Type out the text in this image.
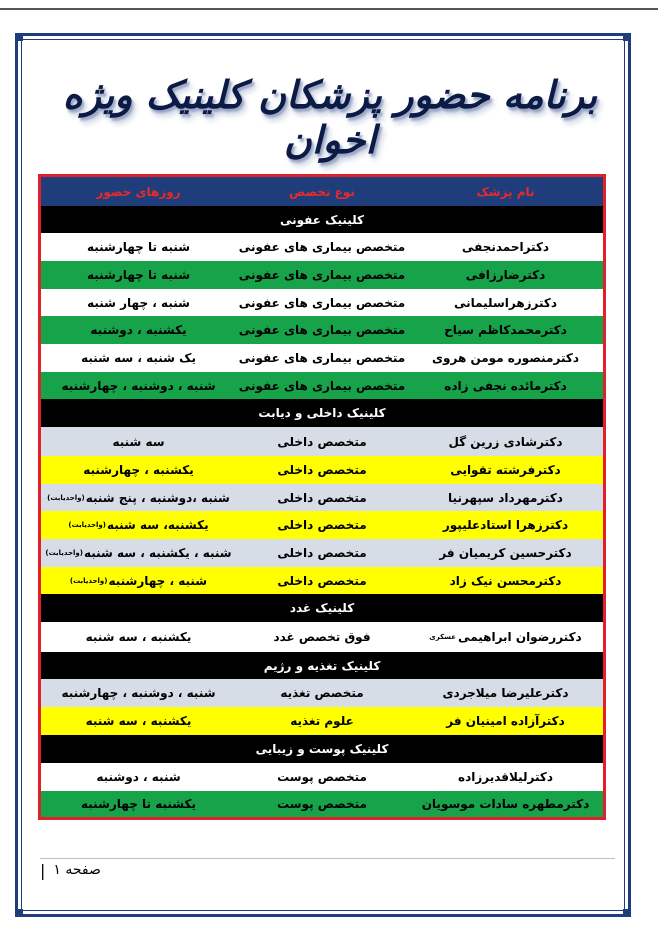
برنامه حضور پزشکان کلینیک ویژه اخوان
نام پزشک
نوع تخصص
روزهای حضور
کلینیک عفونی
دکتراحمدنجفی
متخصص بیماری های عفونی
شنبه تا چهارشنبه
دکترضارزافی
متخصص بیماری های عفونی
شنبه تا چهارشنبه
دکترزهراسلیمانی
متخصص بیماری های عفونی
شنبه ، چهار شنبه
دکترمحمدکاظم سیاح
متخصص بیماری های عفونی
یکشنبه ، دوشنبه
دکترمنصوره مومن هروی
متخصص بیماری های عفونی
یک شنبه ، سه شنبه
دکترمائده نجفی زاده
متخصص بیماری های عفونی
شنبه ، دوشنبه ، چهارشنبه
کلینیک داخلی و دیابت
دکترشادی زرین گل
متخصص داخلی
سه شنبه
دکترفرشته تقوایی
متخصص داخلی
یکشنبه ، چهارشنبه
دکترمهرداد سپهرنیا
متخصص داخلی
شنبه ،دوشنبه ، پنج شنبه
(واحدیابت)
دکترزهرا استادعلیپور
متخصص داخلی
یکشنبه، سه شنبه
(واحدیابت)
دکترحسین کریمیان فر
متخصص داخلی
شنبه ، یکشنبه ، سه شنبه
(واحدیابت)
دکترمحسن نیک زاد
متخصص داخلی
شنبه ، چهارشنبه
(واحدیابت)
کلینیک غدد
دکتررضوان ابراهیمی
عسکری
فوق تخصص غدد
یکشنبه ، سه شنبه
کلینیک تغذیه و رژیم
دکترعلیرضا میلاجردی
متخصص تغذیه
شنبه ، دوشنبه ، چهارشنبه
دکترآزاده امینیان فر
علوم تغذیه
یکشنبه ، سه شنبه
کلینیک پوست و زیبایی
دکترلیلاقدیرزاده
متخصص پوست
شنبه ، دوشنبه
دکترمطهره سادات موسویان
متخصص پوست
یکشنبه تا چهارشنبه
صفحه ۱
|
